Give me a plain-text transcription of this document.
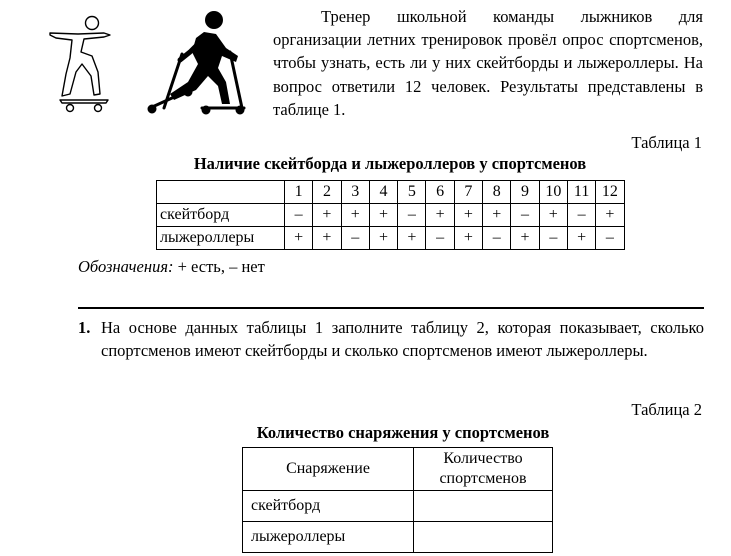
Тренер школьной команды лыжников для организации летних тренировок провёл опрос спортсменов, чтобы узнать, есть ли у них скейтборды и лыжероллеры. На вопрос ответили 12 человек. Результаты представлены в таблице 1.
Таблица 1
Наличие скейтборда и лыжероллеров у спортсменов
	1	2	3	4	5	6	7	8	9	10	11	12
скейтборд	–	+	+	+	–	+	+	+	–	+	–	+
лыжероллеры	+	+	–	+	+	–	+	–	+	–	+	–
Обозначения: + есть, – нет
1. На основе данных таблицы 1 заполните таблицу 2, которая показывает, сколько спортсменов имеют скейтборды и сколько спортсменов имеют лыжероллеры.
Таблица 2
Количество снаряжения у спортсменов
Снаряжение	Количество спортсменов
скейтборд	
лыжероллеры	
